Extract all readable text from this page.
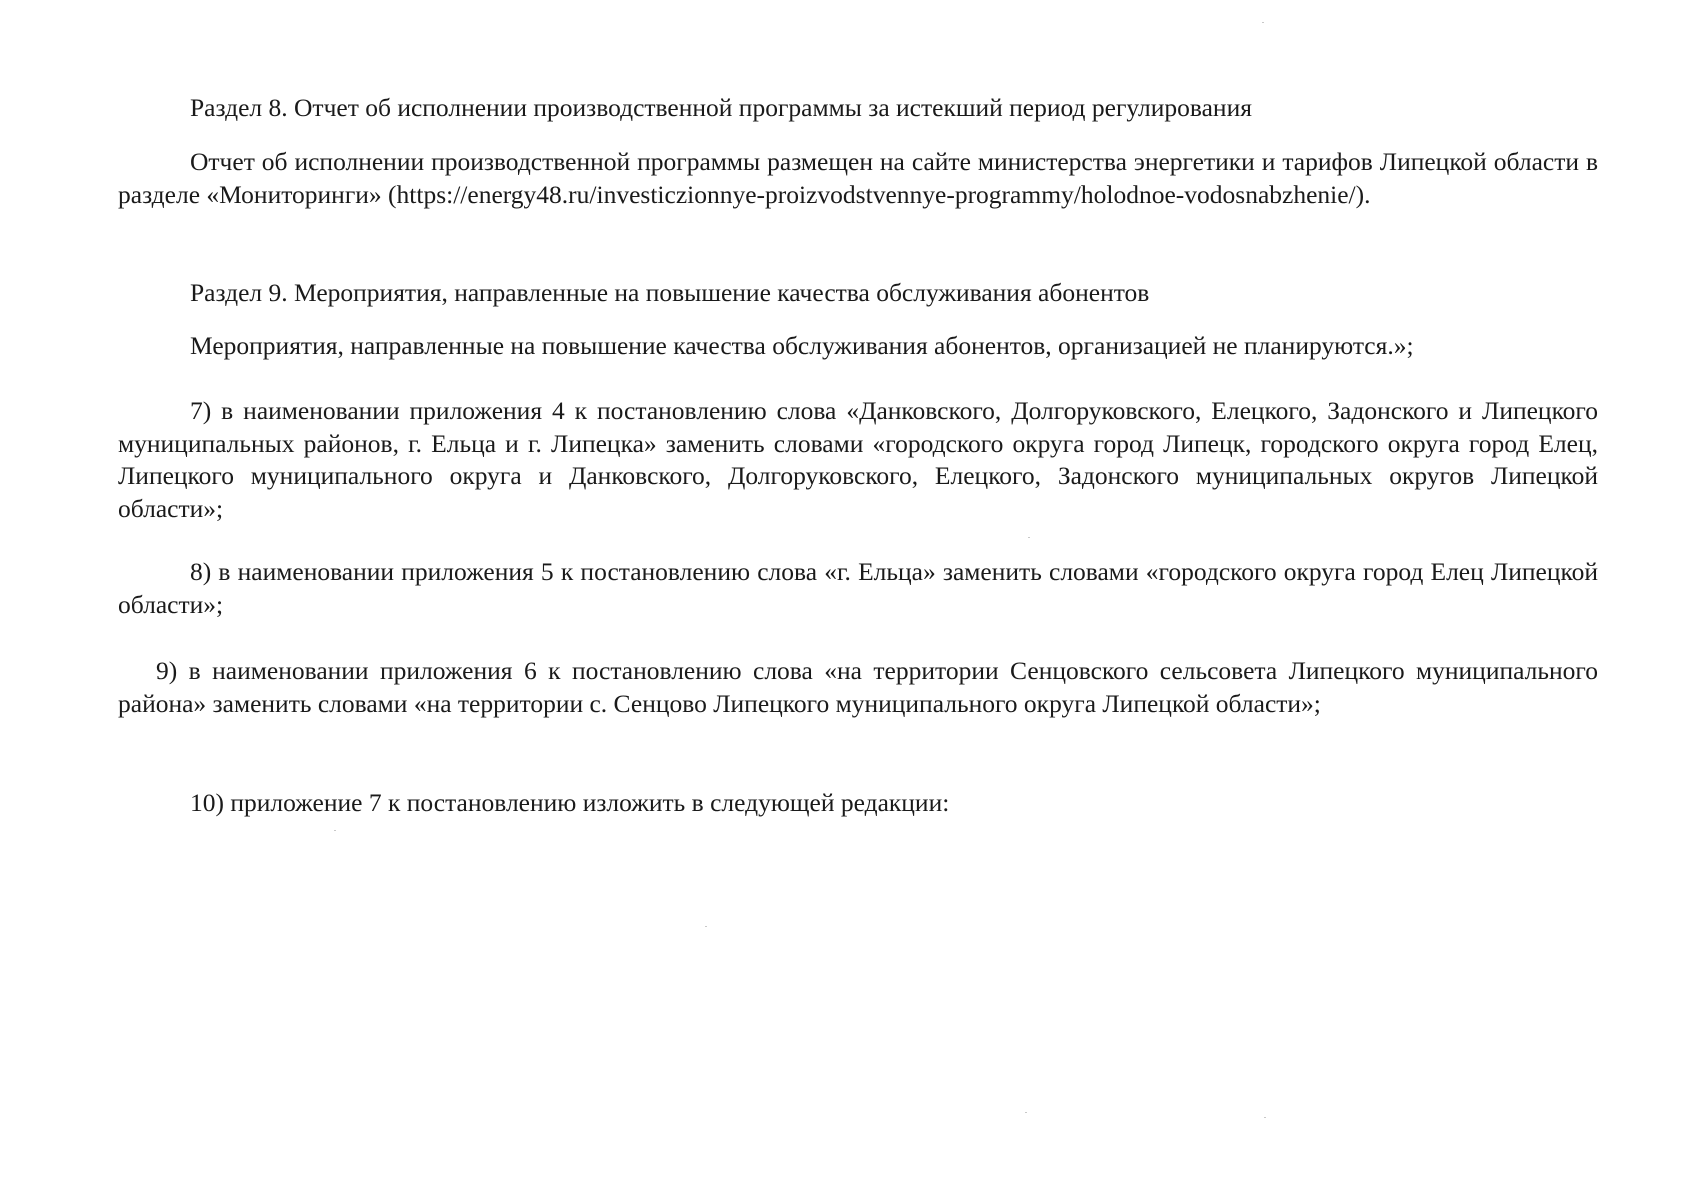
Раздел 8. Отчет об исполнении производственной программы за истекший период регулирования

Отчет об исполнении производственной программы размещен на сайте министерства энергетики и тарифов Липецкой области в разделе «Мониторинги» (https://energy48.ru/investiczionnye-proizvodstvennye-programmy/holodnoe-vodosnabzhenie/).

Раздел 9. Мероприятия, направленные на повышение качества обслуживания абонентов

Мероприятия, направленные на повышение качества обслуживания абонентов, организацией не планируются.»;

7) в наименовании приложения 4 к постановлению слова «Данковского, Долгоруковского, Елецкого, Задонского и Липецкого муниципальных районов, г. Ельца и г. Липецка» заменить словами «городского округа город Липецк, городского округа город Елец, Липецкого муниципального округа и Данковского, Долгоруковского, Елецкого, Задонского муниципальных округов Липецкой области»;

8) в наименовании приложения 5 к постановлению слова «г. Ельца» заменить словами «городского округа город Елец Липецкой области»;

9) в наименовании приложения 6 к постановлению слова «на территории Сенцовского сельсовета Липецкого муниципального района» заменить словами «на территории с. Сенцово Липецкого муниципального округа Липецкой области»;

10) приложение 7 к постановлению изложить в следующей редакции:
